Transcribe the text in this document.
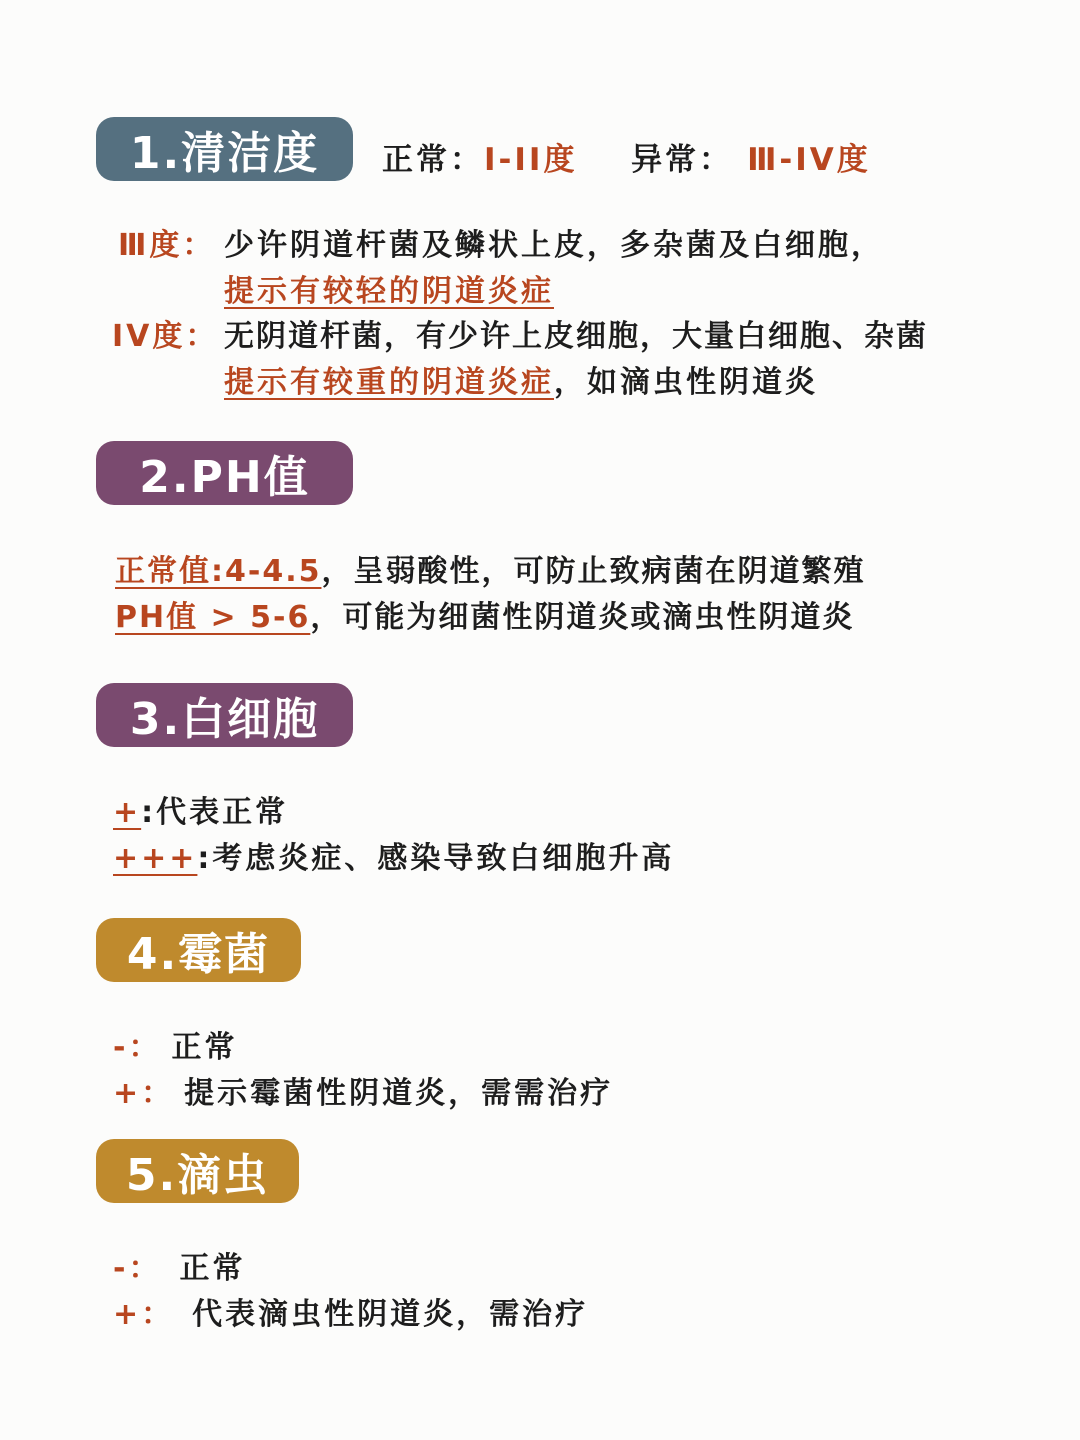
1.清洁度 正常：I-II度 异常： Ⅲ-IV度
Ⅲ度： 少许阴道杆菌及鳞状上皮，多杂菌及白细胞，
提示有较轻的阴道炎症
IV度： 无阴道杆菌，有少许上皮细胞，大量白细胞、杂菌
提示有较重的阴道炎症，如滴虫性阴道炎
2.PH值
正常值:4-4.5，呈弱酸性，可防止致病菌在阴道繁殖
PH值 > 5-6，可能为细菌性阴道炎或滴虫性阴道炎
3.白细胞
+:代表正常
+++:考虑炎症、感染导致白细胞升高
4.霉菌
-： 正常
+： 提示霉菌性阴道炎，需需治疗
5.滴虫
-： 正常
+： 代表滴虫性阴道炎，需治疗
